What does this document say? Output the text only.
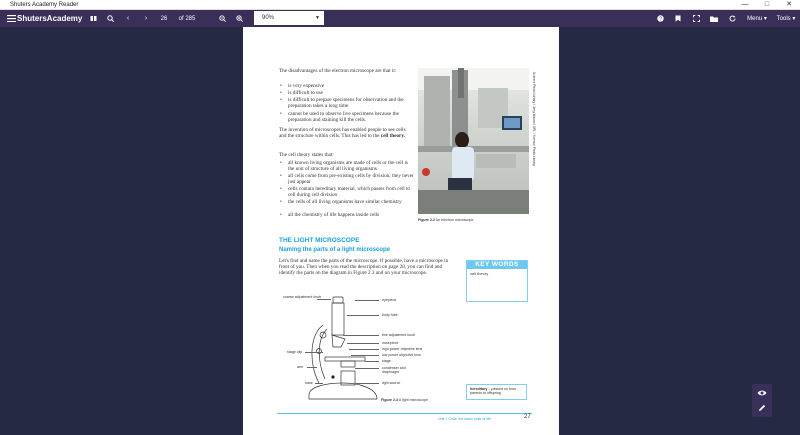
Shuters Academy Reader	—	□	✕
ShutersAcademy	‹	›	26	of 285	?	Menu ▾	Tools ▾
90%	▼
The disadvantages of the electron microscope are that it:
• is very expensive
• is difficult to use
• is difficult to prepare specimens for observation and the preparation takes a long time
• cannot be used to observe live specimens because the preparation and staining kill the cells.
The invention of microscopes has enabled people to see cells and the structure within cells. This has led to the cell theory.
The cell theory states that:
• all known living organisms are made of cells or the cell is the unit of structure of all living organisms
• all cells come from pre-existing cells by division; they never just appear
• cells contain hereditary material, which passes from cell to cell during cell division
• the cells of all living organisms have similar chemistry
• all the chemistry of life happens inside cells
Science Photo Library / Jerry Mason / SPL / Science Photo Library
Figure 2.2 An electron microscope
THE LIGHT MICROSCOPE
Naming the parts of a light microscope
Let's find and name the parts of the microscope. If possible, have a microscope in front of you. Then when you read the description on page 28, you can find and identify the parts on the diagram in Figure 2.3 and on your microscope.
KEY WORDS
cell theory
eyepiece
body tube
fine adjustment knob
nosepiece
high power objective lens
low power objective lens
stage
condenser and diaphragm
light source
coarse adjustment knob
stage clip
arm
base
Figure 2.3 A light microscope
hereditary – passed on from parents to offspring
Unit 1 Cells: the basic units of life	27
